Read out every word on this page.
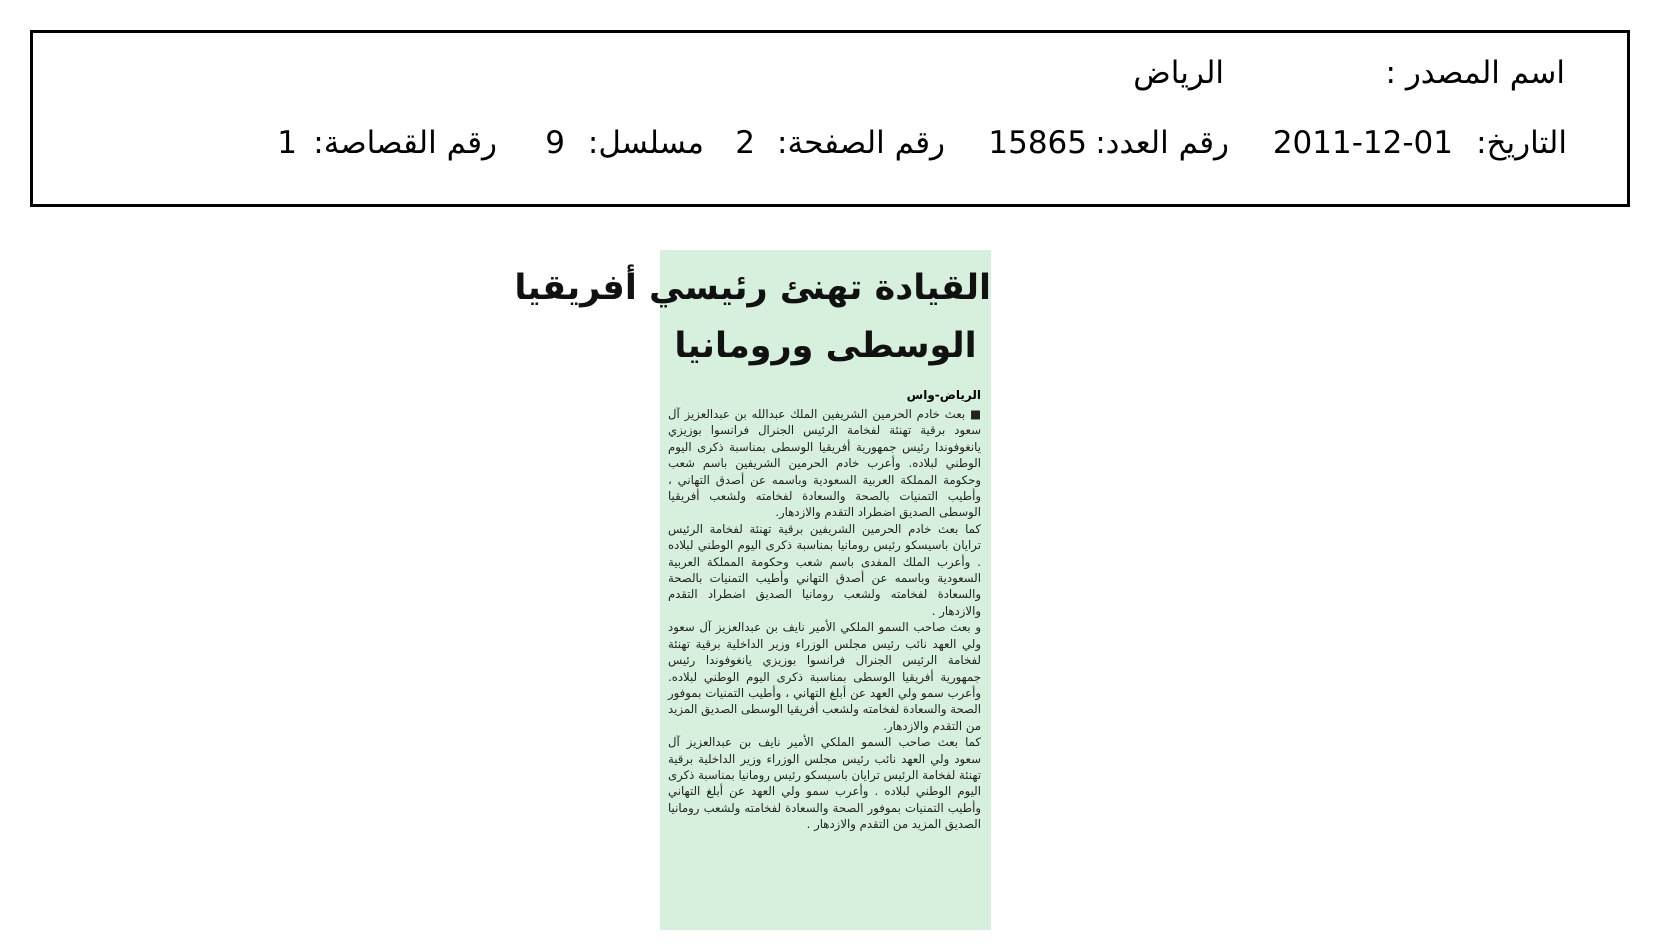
اسم المصدر :
الرياض
التاريخ:
2011-12-01
رقم العدد:
15865
رقم الصفحة:
2
مسلسل:
9
رقم القصاصة:
1
القيادة تهنئ رئيسي أفريقيا
الوسطى ورومانيا
الرياض-واس

■ بعث خادم الحرمين الشريفين الملك عبدالله بن عبدالعزيز آل سعود برقية تهنئة لفخامة الرئيس الجنرال فرانسوا بوزيزي يانغوفوندا رئيس جمهورية أفريقيا الوسطى بمناسبة ذكرى اليوم الوطني لبلاده. وأعرب خادم الحرمين الشريفين باسم شعب وحكومة المملكة العربية السعودية وباسمه عن أصدق التهاني ، وأطيب التمنيات بالصحة والسعادة لفخامته ولشعب أفريقيا الوسطى الصديق اضطراد التقدم والازدهار.

كما بعث خادم الحرمين الشريفين برقية تهنئة لفخامة الرئيس ترايان باسيسكو رئيس رومانيا بمناسبة ذكرى اليوم الوطني لبلاده . وأعرب الملك المفدى باسم شعب وحكومة المملكة العربية السعودية وباسمه عن أصدق التهاني وأطيب التمنيات بالصحة والسعادة لفخامته ولشعب رومانيا الصديق اضطراد التقدم والازدهار .

و بعث صاحب السمو الملكي الأمير نايف بن عبدالعزيز آل سعود ولي العهد نائب رئيس مجلس الوزراء وزير الداخلية برقية تهنئة لفخامة الرئيس الجنرال فرانسوا بوزيزي يانغوفوندا رئيس جمهورية أفريقيا الوسطى بمناسبة ذكرى اليوم الوطني لبلاده. وأعرب سمو ولي العهد عن أبلغ التهاني ، وأطيب التمنيات بموفور الصحة والسعادة لفخامته ولشعب أفريقيا الوسطى الصديق المزيد من التقدم والازدهار.

كما بعث صاحب السمو الملكي الأمير نايف بن عبدالعزيز آل سعود ولي العهد نائب رئيس مجلس الوزراء وزير الداخلية برقية تهنئة لفخامة الرئيس ترايان باسيسكو رئيس رومانيا بمناسبة ذكرى اليوم الوطني لبلاده . وأعرب سمو ولي العهد عن أبلغ التهاني وأطيب التمنيات بموفور الصحة والسعادة لفخامته ولشعب رومانيا الصديق المزيد من التقدم والازدهار .
